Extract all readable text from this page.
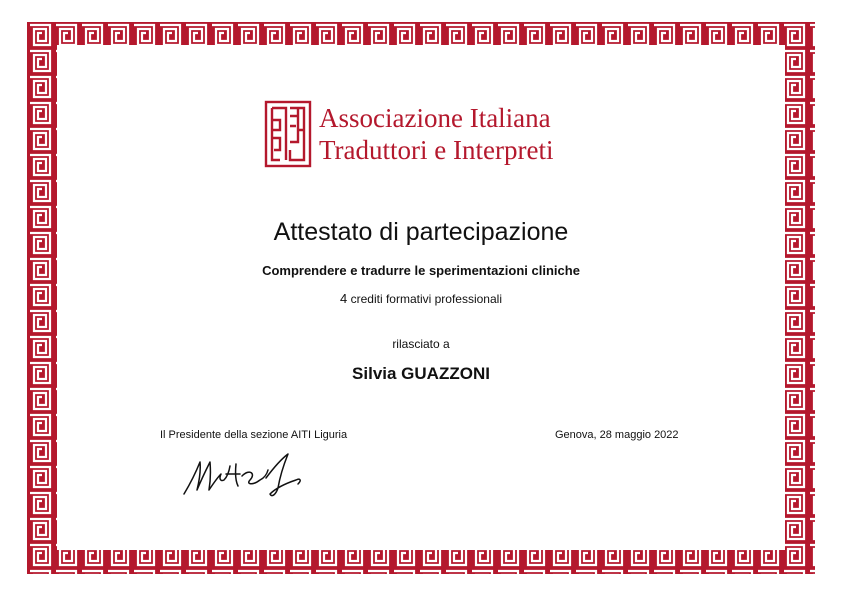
Associazione Italiana
Traduttori e Interpreti
Attestato di partecipazione
Comprendere e tradurre le sperimentazioni cliniche
4 crediti formativi professionali
rilasciato a
Silvia GUAZZONI
Il Presidente della sezione AITI Liguria	Genova, 28 maggio 2022
